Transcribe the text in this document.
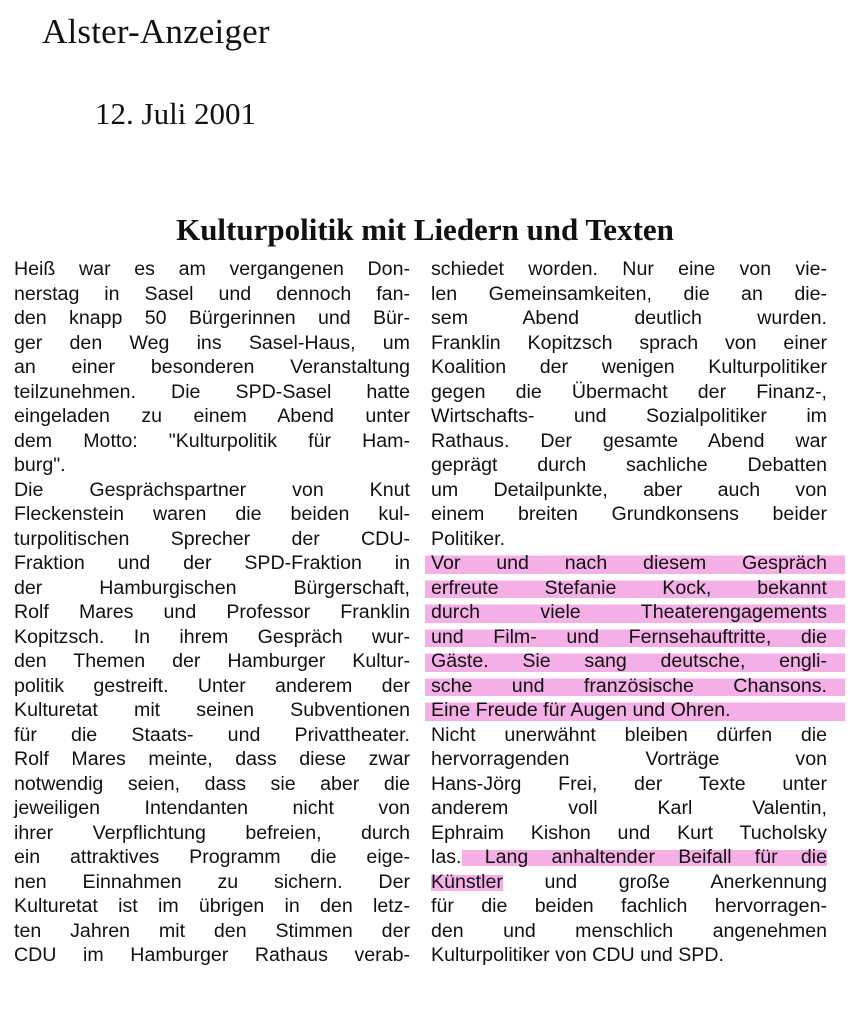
Alster-Anzeiger
12. Juli 2001
Kulturpolitik mit Liedern und Texten
Heiß war es am vergangenen Don-
nerstag in Sasel und dennoch fan-
den knapp 50 Bürgerinnen und Bür-
ger den Weg ins Sasel-Haus, um
an einer besonderen Veranstaltung
teilzunehmen. Die SPD-Sasel hatte
eingeladen zu einem Abend unter
dem Motto: "Kulturpolitik für Ham-
burg".
Die Gesprächspartner von Knut
Fleckenstein waren die beiden kul-
turpolitischen Sprecher der CDU-
Fraktion und der SPD-Fraktion in
der Hamburgischen Bürgerschaft,
Rolf Mares und Professor Franklin
Kopitzsch. In ihrem Gespräch wur-
den Themen der Hamburger Kultur-
politik gestreift. Unter anderem der
Kulturetat mit seinen Subventionen
für die Staats- und Privattheater.
Rolf Mares meinte, dass diese zwar
notwendig seien, dass sie aber die
jeweiligen Intendanten nicht von
ihrer Verpflichtung befreien, durch
ein attraktives Programm die eige-
nen Einnahmen zu sichern. Der
Kulturetat ist im übrigen in den letz-
ten Jahren mit den Stimmen der
CDU im Hamburger Rathaus verab-
schiedet worden. Nur eine von vie-
len Gemeinsamkeiten, die an die-
sem Abend deutlich wurden.
Franklin Kopitzsch sprach von einer
Koalition der wenigen Kulturpolitiker
gegen die Übermacht der Finanz-,
Wirtschafts- und Sozialpolitiker im
Rathaus. Der gesamte Abend war
geprägt durch sachliche Debatten
um Detailpunkte, aber auch von
einem breiten Grundkonsens beider
Politiker.
Vor und nach diesem Gespräch
erfreute Stefanie Kock, bekannt
durch viele Theaterengagements
und Film- und Fernsehauftritte, die
Gäste. Sie sang deutsche, engli-
sche und französische Chansons.
Eine Freude für Augen und Ohren.
Nicht unerwähnt bleiben dürfen die
hervorragenden Vorträge von
Hans-Jörg Frei, der Texte unter
anderem voll Karl Valentin,
Ephraim Kishon und Kurt Tucholsky
las. Lang anhaltender Beifall für die
Künstler und große Anerkennung
für die beiden fachlich hervorragen-
den und menschlich angenehmen
Kulturpolitiker von CDU und SPD.
